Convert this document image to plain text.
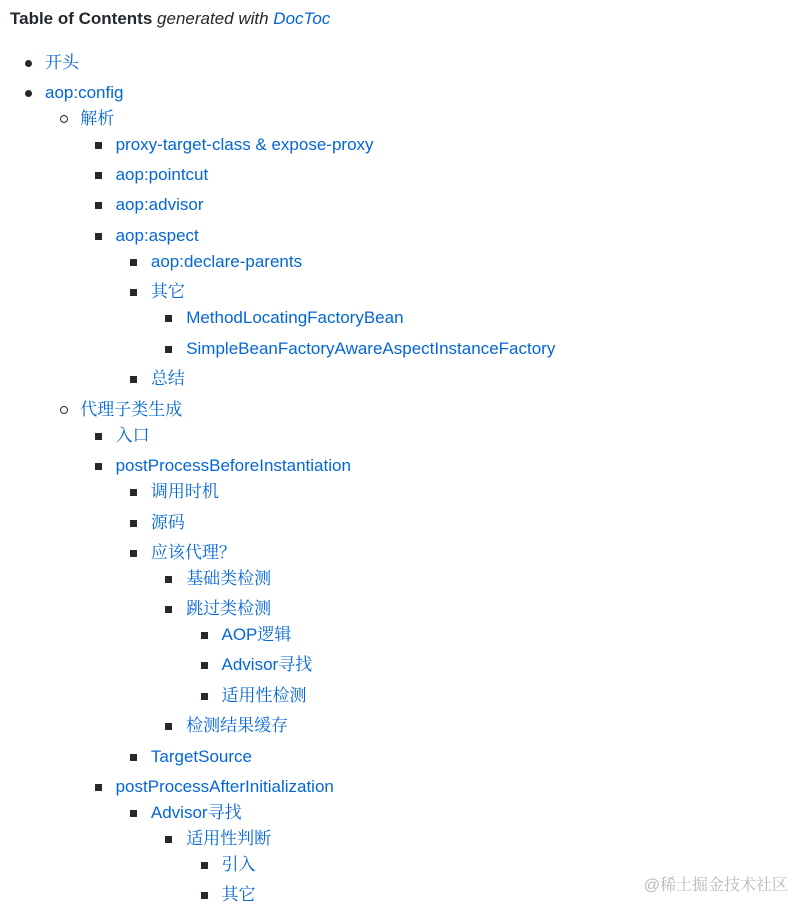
Table of Contents generated with DocToc
开头
aop:config
解析
proxy-target-class & expose-proxy
aop:pointcut
aop:advisor
aop:aspect
aop:declare-parents
其它
MethodLocatingFactoryBean
SimpleBeanFactoryAwareAspectInstanceFactory
总结
代理子类生成
入口
postProcessBeforeInstantiation
调用时机
源码
应该代理？
基础类检测
跳过类检测
AOP逻辑
Advisor寻找
适用性检测
检测结果缓存
TargetSource
postProcessAfterInitialization
Advisor寻找
适用性判断
引入
其它	@稀土掘金技术社区
